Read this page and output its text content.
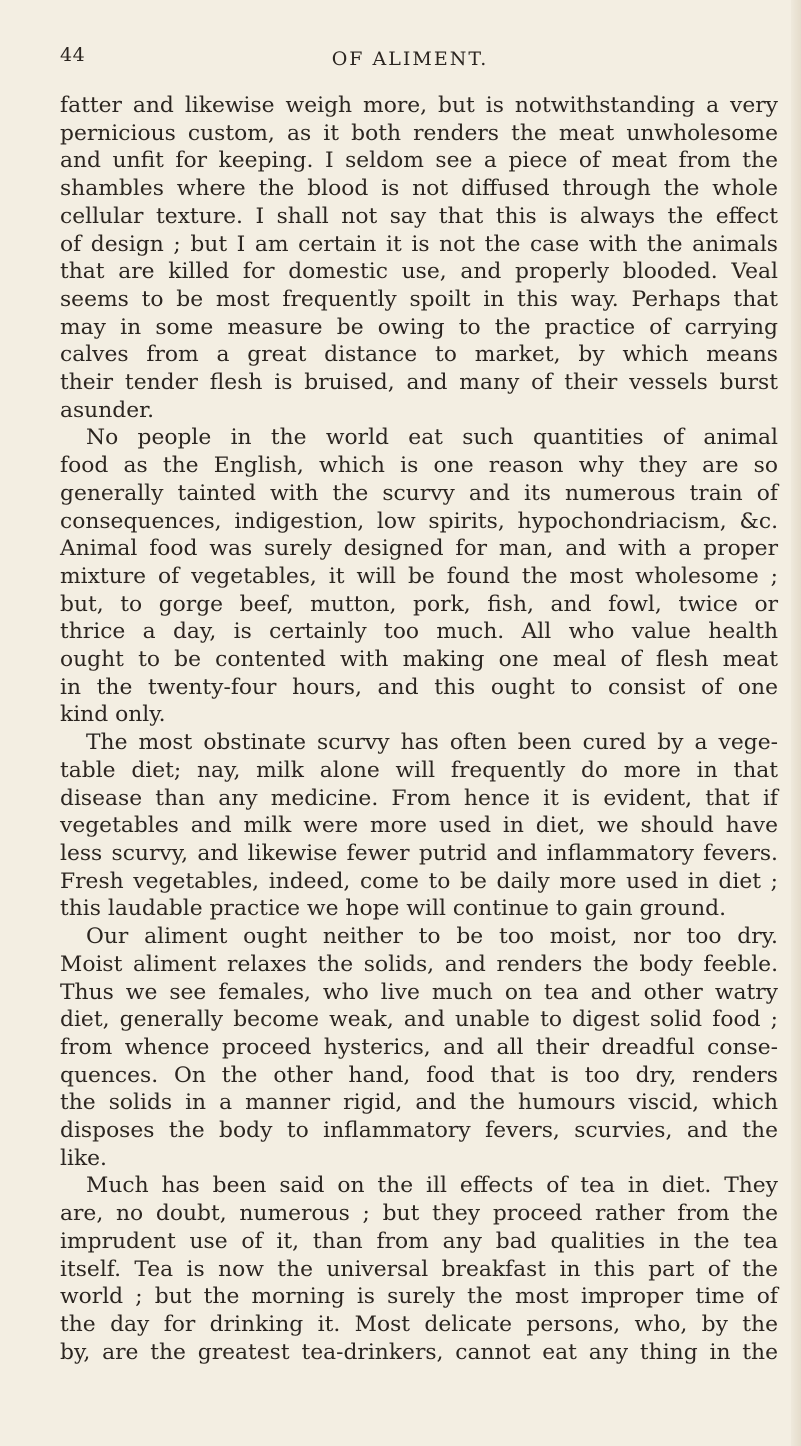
44	OF ALIMENT.
fatter and likewise weigh more, but is notwithstanding a very
pernicious custom, as it both renders the meat unwholesome
and unfit for keeping. I seldom see a piece of meat from the
shambles where the blood is not diffused through the whole
cellular texture. I shall not say that this is always the effect
of design ; but I am certain it is not the case with the animals
that are killed for domestic use, and properly blooded. Veal
seems to be most frequently spoilt in this way. Perhaps that
may in some measure be owing to the practice of carrying
calves from a great distance to market, by which means
their tender flesh is bruised, and many of their vessels burst
asunder.
No people in the world eat such quantities of animal
food as the English, which is one reason why they are so
generally tainted with the scurvy and its numerous train of
consequences, indigestion, low spirits, hypochondriacism, &c.
Animal food was surely designed for man, and with a proper
mixture of vegetables, it will be found the most wholesome ;
but, to gorge beef, mutton, pork, fish, and fowl, twice or
thrice a day, is certainly too much. All who value health
ought to be contented with making one meal of flesh meat
in the twenty-four hours, and this ought to consist of one
kind only.
The most obstinate scurvy has often been cured by a vege-
table diet; nay, milk alone will frequently do more in that
disease than any medicine. From hence it is evident, that if
vegetables and milk were more used in diet, we should have
less scurvy, and likewise fewer putrid and inflammatory fevers.
Fresh vegetables, indeed, come to be daily more used in diet ;
this laudable practice we hope will continue to gain ground.
Our aliment ought neither to be too moist, nor too dry.
Moist aliment relaxes the solids, and renders the body feeble.
Thus we see females, who live much on tea and other watry
diet, generally become weak, and unable to digest solid food ;
from whence proceed hysterics, and all their dreadful conse-
quences. On the other hand, food that is too dry, renders
the solids in a manner rigid, and the humours viscid, which
disposes the body to inflammatory fevers, scurvies, and the
like.
Much has been said on the ill effects of tea in diet. They
are, no doubt, numerous ; but they proceed rather from the
imprudent use of it, than from any bad qualities in the tea
itself. Tea is now the universal breakfast in this part of the
world ; but the morning is surely the most improper time of
the day for drinking it. Most delicate persons, who, by the
by, are the greatest tea-drinkers, cannot eat any thing in the
